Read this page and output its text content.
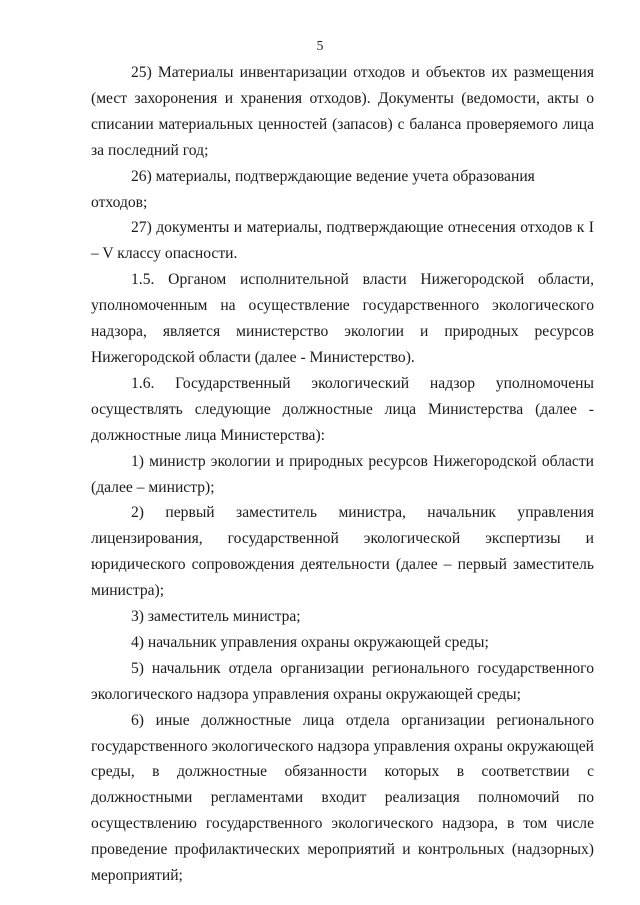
5

25) Материалы инвентаризации отходов и объектов их размещения (мест захоронения и хранения отходов). Документы (ведомости, акты о списании материальных ценностей (запасов) с баланса проверяемого лица за последний год;

26) материалы, подтверждающие ведение учета образования отходов;

27) документы и материалы, подтверждающие отнесения отходов к I – V классу опасности.

1.5. Органом исполнительной власти Нижегородской области, уполномоченным на осуществление государственного экологического надзора, является министерство экологии и природных ресурсов Нижегородской области (далее - Министерство).

1.6. Государственный экологический надзор уполномочены осуществлять следующие должностные лица Министерства (далее - должностные лица Министерства):

1) министр экологии и природных ресурсов Нижегородской области (далее – министр);

2) первый заместитель министра, начальник управления лицензирования, государственной экологической экспертизы и юридического сопровождения деятельности (далее – первый заместитель министра);

3) заместитель министра;

4) начальник управления охраны окружающей среды;

5) начальник отдела организации регионального государственного экологического надзора управления охраны окружающей среды;

6) иные должностные лица отдела организации регионального государственного экологического надзора управления охраны окружающей среды, в должностные обязанности которых в соответствии с должностными регламентами входит реализация полномочий по осуществлению государственного экологического надзора, в том числе проведение профилактических мероприятий и контрольных (надзорных) мероприятий;
